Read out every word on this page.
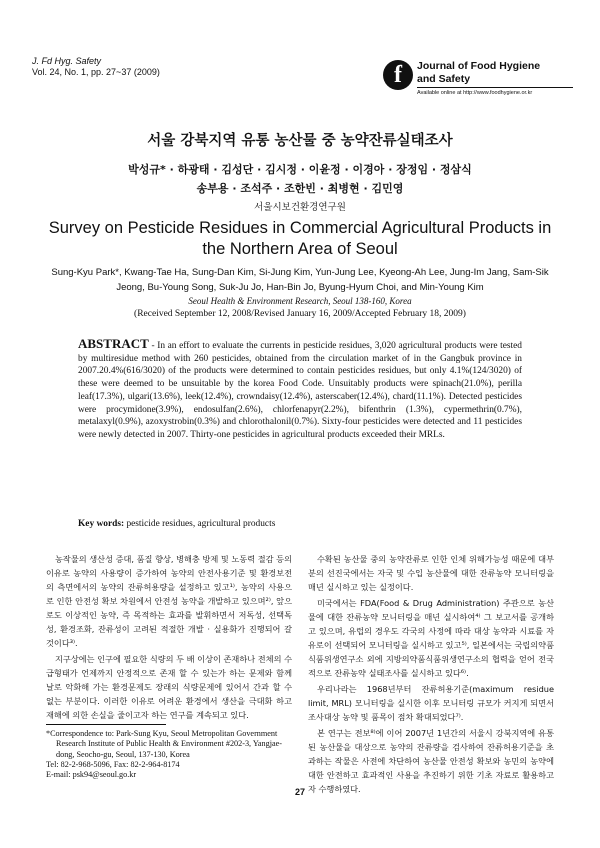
J. Fd Hyg. Safety
Vol. 24, No. 1, pp. 27~37 (2009)	f	Journal of Food Hygiene
and Safety
Available online at http://www.foodhygiene.or.kr
서울 강북지역 유통 농산물 중 농약잔류실태조사
박성규* · 하광태 · 김성단 · 김시정 · 이윤정 · 이경아 · 장정임 · 정삼식
송부용 · 조석주 · 조한빈 · 최병현 · 김민영
서울시보건환경연구원
Survey on Pesticide Residues in Commercial Agricultural Products in the Northern Area of Seoul
Sung-Kyu Park*, Kwang-Tae Ha, Sung-Dan Kim, Si-Jung Kim, Yun-Jung Lee, Kyeong-Ah Lee, Jung-Im Jang, Sam-Sik Jeong, Bu-Young Song, Suk-Ju Jo, Han-Bin Jo, Byung-Hyum Choi, and Min-Young Kim
Seoul Health & Environment Research, Seoul 138-160, Korea
(Received September 12, 2008/Revised January 16, 2009/Accepted February 18, 2009)
ABSTRACT - In an effort to evaluate the currents in pesticide residues, 3,020 agricultural products were tested by multiresidue method with 260 pesticides, obtained from the circulation market of in the Gangbuk province in 2007.20.4%(616/3020) of the products were determined to contain pesticides residues, but only 4.1%(124/3020) of these were deemed to be unsuitable by the korea Food Code. Unsuitably products were spinach(21.0%), perilla leaf(17.3%), ulgari(13.6%), leek(12.4%), crowndaisy(12.4%), asterscaber(12.4%), chard(11.1%). Detected pesticides were procymidone(3.9%), endosulfan(2.6%), chlorfenapyr(2.2%), bifenthrin (1.3%), cypermethrin(0.7%), metalaxyl(0.9%), azoxystrobin(0.3%) and chlorothalonil(0.7%). Sixty-four pesticides were detected and 11 pesticides were newly detected in 2007. Thirty-one pesticides in agricultural products exceeded their MRLs.
Key words: pesticide residues, agricultural products

농작물의 생산성 증대, 품질 향상, 병해충 방제 및 노동력 절감 등의 이유로 농약의 사용량이 증가하여 농약의 안전사용기준 및 환경보전의 측면에서의 농약의 잔류허용량을 설정하고 있고¹⁾, 농약의 사용으로 인한 안전성 확보 차원에서 안전성 농약을 개발하고 있으며²⁾, 앞으로도 이상적인 농약, 즉 목적하는 효과를 발휘하면서 저독성, 선택독성, 환경조화, 잔류성이 고려된 적절한 개발 · 실용화가 진행되어 갈 것이다³⁾.

지구상에는 인구에 필요한 식량의 두 배 이상이 존재하나 전체의 수급형태가 언제까지 안정적으로 존재 할 수 있는가 하는 문제와 함께 날로 악화해 가는 환경문제도 장래의 식량문제에 있어서 간과 할 수 없는 부분이다. 이러한 이유로 어려운 환경에서 생산을 극대화 하고 재해에 의한 손실을 줄이고자 하는 연구를 계속되고 있다.

수확된 농산물 중의 농약잔류로 인한 인체 위해가능성 때문에 대부분의 선진국에서는 자국 및 수입 농산물에 대한 잔류농약 모니터링을 매년 실시하고 있는 실정이다.

미국에서는 FDA(Food & Drug Administration) 주관으로 농산물에 대한 잔류농약 모니터링을 매년 실시하여⁴⁾ 그 보고서를 공개하고 있으며, 유럽의 경우도 각국의 사정에 따라 대상 농약과 시료를 자유로이 선택되어 모니터링을 실시하고 있고⁵⁾, 일본에서는 국립의약품식품위생연구소 외에 지방의약품식품위생연구소의 협력을 얻어 전국적으로 잔류농약 실태조사를 실시하고 있다⁶⁾.

우리나라는 1968년부터 잔류허용기준(maximum residue limit, MRL) 모니터링을 실시한 이후 모니터링 규모가 커지게 되면서 조사대상 농약 및 품목이 점차 확대되었다⁷⁾.

본 연구는 전보⁸⁾에 이어 2007년 1년간의 서울시 강북지역에 유통된 농산물을 대상으로 농약의 잔류량을 검사하여 잔류허용기준을 초과하는 작물은 사전에 차단하여 농산물 안전성 확보와 농민의 농약에 대한 안전하고 효과적인 사용을 추진하기 위한 기초 자료로 활용하고자 수행하였다.

*Correspondence to: Park-Sung Kyu, Seoul Metropolitan Government Research Institute of Public Health & Environment #202-3, Yangjae-dong, Seocho-gu, Seoul, 137-130, Korea
Tel: 82-2-968-5096, Fax: 82-2-964-8174
E-mail: psk94@seoul.go.kr
27
